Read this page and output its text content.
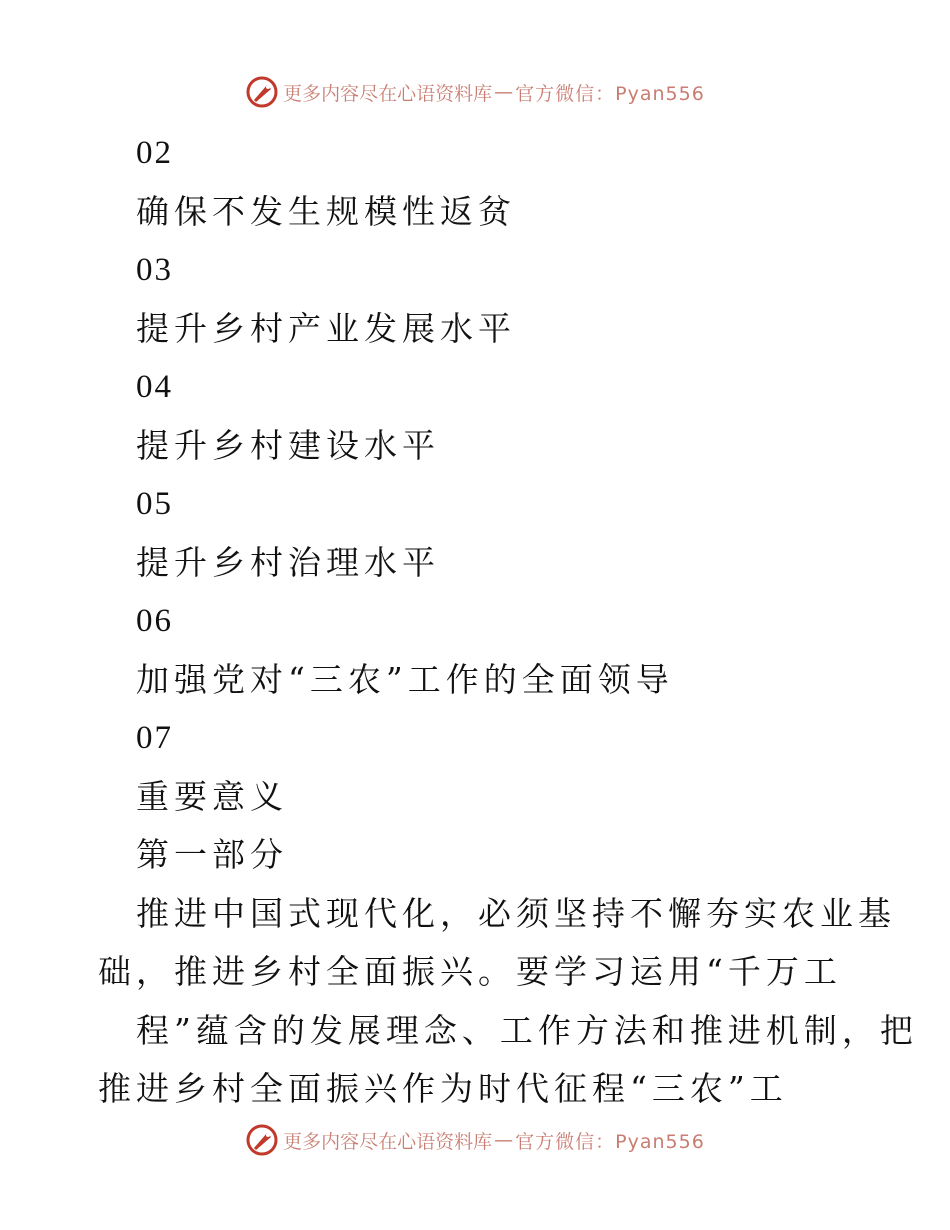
更多内容尽在心语资料库 — 官方微信：Pyan556
02
确保不发生规模性返贫
03
提升乡村产业发展水平
04
提升乡村建设水平
05
提升乡村治理水平
06
加强党对“三农”工作的全面领导
07
重要意义
第一部分
推进中国式现代化，必须坚持不懈夯实农业基
础，推进乡村全面振兴。要学习运用“千万工
程”蕴含的发展理念、工作方法和推进机制，把
推进乡村全面振兴作为时代征程“三农”工
更多内容尽在心语资料库 — 官方微信：Pyan556
